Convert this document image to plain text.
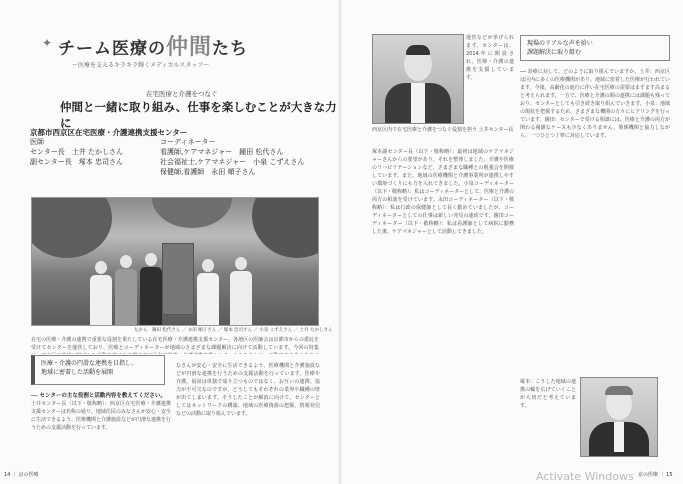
✦ チーム医療の仲間たち
〜医療を支えるキラキラ輝くメディカルスタッフ〜
在宅医療と介護をつなぐ
仲間と一緒に取り組み、仕事を楽しむことが大きな力に
京都市西京区在宅医療・介護連携支援センター
医師
センター長　 土井 たかしさん
副センター長　 塚本 忠司さん
コーディネーター
看護師,ケアマネジャー　 鐘田 松代さん
社会福祉士,ケアマネジャー　 小泉 こずえさん
保健師,看護師　 永田 順子さん
左から　鐘田 松代さん ／ 永田 順子さん ／ 塚本 忠司さん ／ 小泉 こずえさん ／ 土井 たかしさん
在宅の医療・介護の連携で重要な役割を果たしている在宅医療・介護連携支援センター。各地区の医師会は京都市からの委託を受けてセンターを運営しており、医療とコーディネーターが地域のさまざまな課題解決に向けて活動しています。今回の特集
医療・介護の円滑な連携を目指し、
地域に密着した活動を展開
── センターの主な役割と活動内容を教えてください。
土井センター長（以下・敬称略）：西京区在宅医療・介護連携支援センターは名称の通り、地域住民のみなさんが安心・安全に生活できるよう、医療機関と介護施設などが円滑な連携を行うための支援活動を行っています。
なさんが安心・安全に生活できるよう、医療機関と介護施設などが円滑な連携を行うための支援活動を行っています。医療や介護、福祉は単独で成り立つものではなく、お互いの連携、協力が不可欠なのですが、どうしてもそれぞれの業界や職種の壁が出てしまいます。そうしたことが解消に向けて、センターとしてはネットワークの構築、地域の医療資源の把握、情報発信などの活動に取り組んでいます。
14 ｜ 京の医療
運営などが挙げられます。センターは、2014年に開設され、医療・介護の連携を支援しています。
西京区内で在宅医療と介護をつなぐ役割を担う 土井センター長
塚本副センター長（以下・敬称略）：最初は地域のケアマネジャーさんからの要望があり、それを整理しました。介護や医療のリハビリテーションなど、さまざまな職種との勉強会を開催しています。また、地域の医療機関と介護事業所が連携しやすい環境づくりにも力を入れてきました。小泉コーディネーター（以下・敬称略）：私はコーディネーターとして、医療と介護の両方の相談を受けています。永田コーディネーター（以下・敬称略）：私は行政の保健師として長く勤めていましたが、コーディネーターとしての仕事は新しい発見の連続です。鐘田コーディネーター（以下・敬称略）：私は看護師として病院に勤務した後、ケアマネジャーとして活動してきました。
現場のリアルな声を拾い
課題解決に取り組む
── 診療に対して、どのように取り組んでいますか。土井：西京区は区内に多くの医療機関があり、地域に密着した医療が行われています。今後、高齢化の進行に伴い在宅医療の需要はますます高まると考えられます。一方で、医療と介護の間の連携には課題も残っており、センターとしても引き続き取り組んでいきます。小泉：地域の現状を把握するため、さまざまな機関の方々にヒアリングを行っています。鐘田：センターで受ける相談には、医療と介護の両方が関わる複雑なケースも少なくありません。関係機関と協力しながら、一つひとつ丁寧に対応しています。
塚本：こうした地域の連携の輪を広げていくことが大切だと考えています。
京の医療 ｜ 15
Activate Windows
